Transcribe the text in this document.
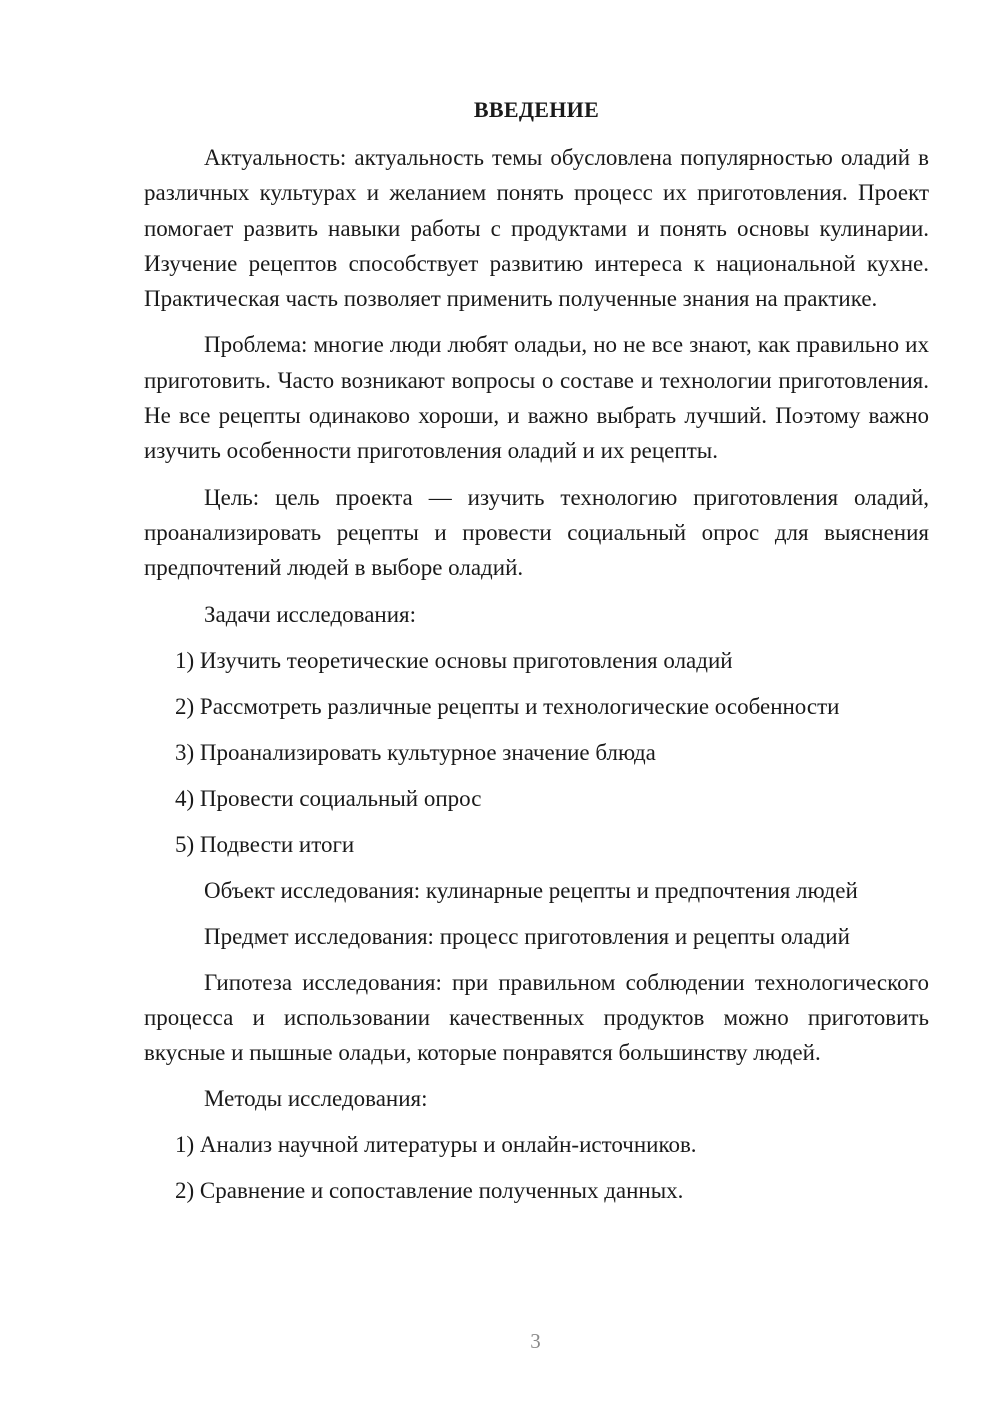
ВВЕДЕНИЕ

Актуальность: актуальность темы обусловлена популярностью оладий в различных культурах и желанием понять процесс их приготовления. Проект помогает развить навыки работы с продуктами и понять основы кулинарии. Изучение рецептов способствует развитию интереса к национальной кухне. Практическая часть позволяет применить полученные знания на практике.

Проблема: многие люди любят оладьи, но не все знают, как правильно их приготовить. Часто возникают вопросы о составе и технологии приготовления. Не все рецепты одинаково хороши, и важно выбрать лучший. Поэтому важно изучить особенности приготовления оладий и их рецепты.

Цель: цель проекта — изучить технологию приготовления оладий, проанализировать рецепты и провести социальный опрос для выяснения предпочтений людей в выборе оладий.

Задачи исследования:

1) Изучить теоретические основы приготовления оладий

2) Рассмотреть различные рецепты и технологические особенности

3) Проанализировать культурное значение блюда

4) Провести социальный опрос

5) Подвести итоги

Объект исследования: кулинарные рецепты и предпочтения людей

Предмет исследования: процесс приготовления и рецепты оладий

Гипотеза исследования: при правильном соблюдении технологического процесса и использовании качественных продуктов можно приготовить вкусные и пышные оладьи, которые понравятся большинству людей.

Методы исследования:

1) Анализ научной литературы и онлайн-источников.

2) Сравнение и сопоставление полученных данных.

3
